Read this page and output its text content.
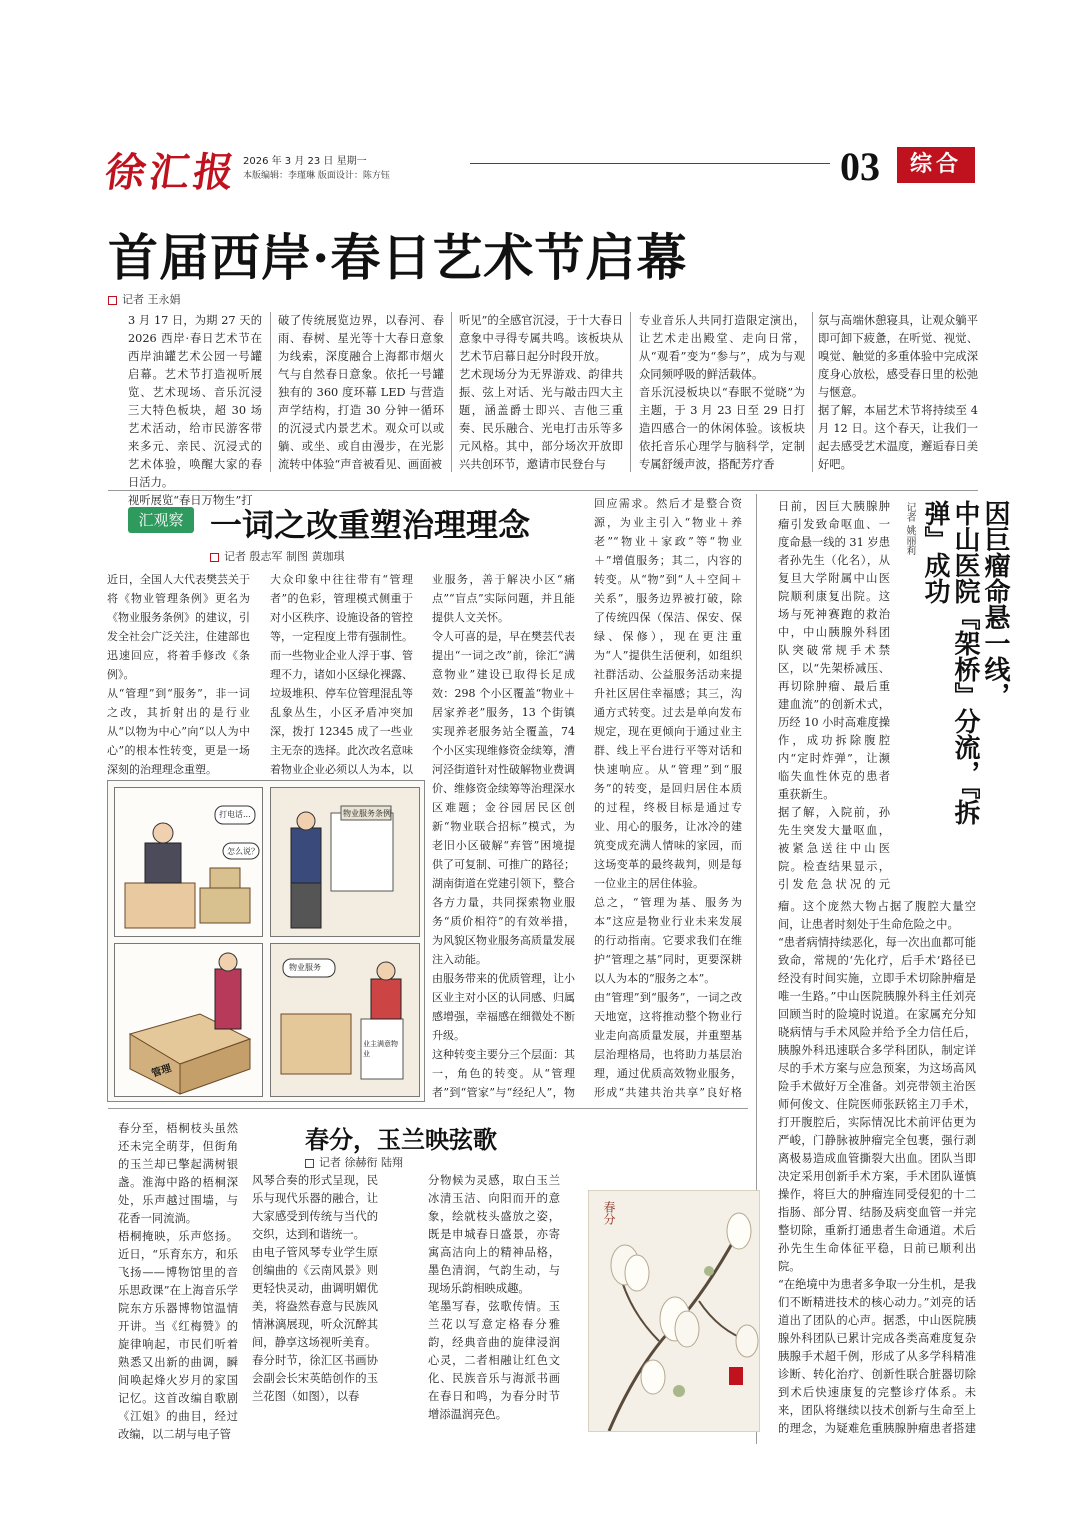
徐汇报 2026 年 3 月 23 日 星期一
本版编辑：李瑾琳 版面设计：陈方钰	03	综合
首届西岸·春日艺术节启幕
记者 王永娟
3 月 17 日，为期 27 天的 2026 西岸·春日艺术节在西岸油罐艺术公园一号罐启幕。艺术节打造视听展览、艺术现场、音乐沉浸三大特色板块，超 30 场艺术活动，给市民游客带来多元、亲民、沉浸式的艺术体验，唤醒大家的春日活力。
视听展览“春日万物生”打
破了传统展览边界，以春河、春雨、春树、星光等十大春日意象为线索，深度融合上海都市烟火气与自然春日意象。依托一号罐独有的 360 度环幕 LED 与营造声学结构，打造 30 分钟一循环的沉浸式内景艺术。观众可以或躺、或坐、或自由漫步，在光影流转中体验“声音被看见、画面被
听见”的全感官沉浸，于十大春日意象中寻得专属共鸣。该板块从艺术节启幕日起分时段开放。
艺术现场分为无界游戏、韵律共振、弦上对话、光与敲击四大主题，涵盖爵士即兴、吉他三重奏、民乐融合、光电打击乐等多元风格。其中，部分场次开放即兴共创环节，邀请市民登台与
专业音乐人共同打造限定演出，让艺术走出殿堂、走向日常，从“观看”变为“参与”，成为与观众同频呼吸的鲜活载体。
音乐沉浸板块以“春眠不觉晓”为主题，于 3 月 23 日至 29 日打造四感合一的休闲体验。该板块依托音乐心理学与脑科学，定制专属舒缓声波，搭配芳疗香
氛与高端休憩寝具，让观众躺平即可卸下疲惫，在听觉、视觉、嗅觉、触觉的多重体验中完成深度身心放松，感受春日里的松弛与惬意。
据了解，本届艺术节将持续至 4 月 12 日。这个春天，让我们一起去感受艺术温度，邂逅春日美好吧。
汇观察 一词之改重塑治理理念
记者 殷志军 制图 黄珈琪
近日，全国人大代表樊芸关于将《物业管理条例》更名为《物业服务条例》的建议，引发全社会广泛关注，住建部也迅速回应，将着手修改《条例》。
从“管理”到“服务”，非一词之改，其折射出的是行业从“以物为中心”向“以人为中心”的根本性转变，更是一场深刻的治理理念重塑。

大众印象中往往带有“管理者”的色彩，管理模式侧重于对小区秩序、设施设备的管控等，一定程度上带有强制性。而一些物业企业人浮于事、管理不力，诸如小区绿化裸露、垃圾堆积、停车位管理混乱等乱象丛生，小区矛盾冲突加深，拨打 12345 成了一些业主无奈的选择。此次改名意味着物业企业必须以人为本，以
业服务，善于解决小区“痛点”“盲点”实际问题，并且能提供人文关怀。
令人可喜的是，早在樊芸代表提出“一词之改”前，徐汇“满意物业”建设已取得长足成效：298 个小区覆盖“物业＋居家养老”服务，13 个街镇实现养老服务站全覆盖，74 个小区实现维修资金续筹，漕河泾街道针对性破解物业费调价、维修资金续筹等治理深水区难题；金谷园居民区创新“物业联合招标”模式，为老旧小区破解“弃管”困境提供了可复制、可推广的路径；湖南街道在党建引领下，整合各方力量，共同探索物业服务“质价相符”的有效举措，为风貌区物业服务高质量发展注入动能。
由服务带来的优质管理，让小区业主对小区的认同感、归属感增强，幸福感在细微处不断升级。
这种转变主要分三个层面：其一，角色的转变。从“管理者”到“管家”与“经纪人”，物
回应需求。然后才是整合资源，为业主引入“物业＋养老”“物业＋家政”等“物业＋”增值服务；其二，内容的转变。从“物”到“人＋空间＋关系”，服务边界被打破，除了传统四保（保洁、保安、保绿、保修），现在更注重为“人”提供生活便利，如组织社群活动、公益服务活动来提升社区居住幸福感；其三，沟通方式转变。过去是单向发布规定，现在更倾向于通过业主群、线上平台进行平等对话和快速响应。从“管理”到“服务”的转变，是回归居住本质的过程，终极目标是通过专业、用心的服务，让冰冷的建筑变成充满人情味的家园，而这场变革的最终裁判，则是每一位业主的居住体验。
总之，“管理为基、服务为本”这应是物业行业未来发展的行动指南。它要求我们在维护“管理之基”同时，更要深耕以人为本的“服务之本”。
由“管理”到“服务”，一词之改天地宽，这将推动整个物业行业走向高质量发展，并重塑基层治理格局，也将助力基层治理，通过优质高效物业服务，形成“共建共治共享”良好格
打电话...
怎么说？
物业服务条例
管理
物业服务
业主满意物业
因巨瘤命悬一线，
中山医院『架桥』分流，『拆弹』成功
记者 姚丽莉
日前，因巨大胰腺肿瘤引发致命呕血、一度命悬一线的 31 岁患者孙先生（化名），从复旦大学附属中山医院顺利康复出院。这场与死神赛跑的救治中，中山胰腺外科团队突破常规手术禁区，以“先架桥减压、再切除肿瘤、最后重建血流”的创新术式，历经 10 小时高难度操作，成功拆除腹腔内“定时炸弹”，让濒临失血性休克的患者重获新生。
据了解，入院前，孙先生突发大量呕血，被紧急送往中山医院。检查结果显示，引发危急状况的元
瘤。这个庞然大物占据了腹腔大量空间，让患者时刻处于生命危险之中。
“患者病情持续恶化，每一次出血都可能致命，常规的‘先化疗，后手术’路径已经没有时间实施，立即手术切除肿瘤是唯一生路。”中山医院胰腺外科主任刘亮回顾当时的险境时说道。在家属充分知晓病情与手术风险并给予全力信任后，胰腺外科迅速联合多学科团队，制定详尽的手术方案与应急预案，为这场高风险手术做好万全准备。刘亮带领主治医师何俊文、住院医师张跃铭主刀手术，打开腹腔后，实际情况比术前评估更为严峻，门静脉被肿瘤完全包裹，强行剥离极易造成血管撕裂大出血。团队当即决定采用创新手术方案，手术团队谨慎操作，将巨大的肿瘤连同受侵犯的十二指肠、部分胃、结肠及病变血管一并完整切除，重新打通患者生命通道。术后孙先生生命体征平稳，日前已顺利出院。
“在绝境中为患者多争取一分生机，是我们不断精进技术的核心动力。”刘亮的话道出了团队的心声。据悉，中山医院胰腺外科团队已累计完成各类高难度复杂胰腺手术超千例，形成了从多学科精准诊断、转化治疗、创新性联合脏器切除到术后快速康复的完整诊疗体系。未来，团队将继续以技术创新与生命至上的理念，为疑难危重胰腺肿瘤患者搭建
春分，玉兰映弦歌
记者 徐赫衔 陆翔
春分至，梧桐枝头虽然还未完全萌芽，但街角的玉兰却已擎起满树银盏。淮海中路的梧桐深处，乐声越过围墙，与花香一同流淌。
梧桐掩映，乐声悠扬。近日，“乐育东方，和乐飞扬——博物馆里的音乐思政课”在上海音乐学院东方乐器博物馆温情开讲。当《红梅赞》的旋律响起，市民们听着熟悉又出新的曲调，瞬间唤起烽火岁月的家国记忆。这首改编自歌剧《江姐》的曲目，经过改编，以二胡与电子管
风琴合奏的形式呈现，民乐与现代乐器的融合，让大家感受到传统与当代的交织，达到和谐统一。
由电子管风琴专业学生原创编曲的《云南风景》则更轻快灵动，曲调明媚优美，将盎然春意与民族风情淋漓展现，听众沉醉其间，静享这场视听美育。
春分时节，徐汇区书画协会副会长宋英皓创作的玉兰花图（如图），以春
分物候为灵感，取白玉兰冰清玉洁、向阳而开的意象，绘就枝头盛放之姿，既是申城春日盛景，亦寄寓高洁向上的精神品格，墨色清润，气韵生动，与现场乐韵相映成趣。
笔墨写春，弦歌传情。玉兰花以写意定格春分雅韵，经典音曲的旋律浸润心灵，二者相融让红色文化、民族音乐与海派书画在春日和鸣，为春分时节增添温润亮色。
春分
